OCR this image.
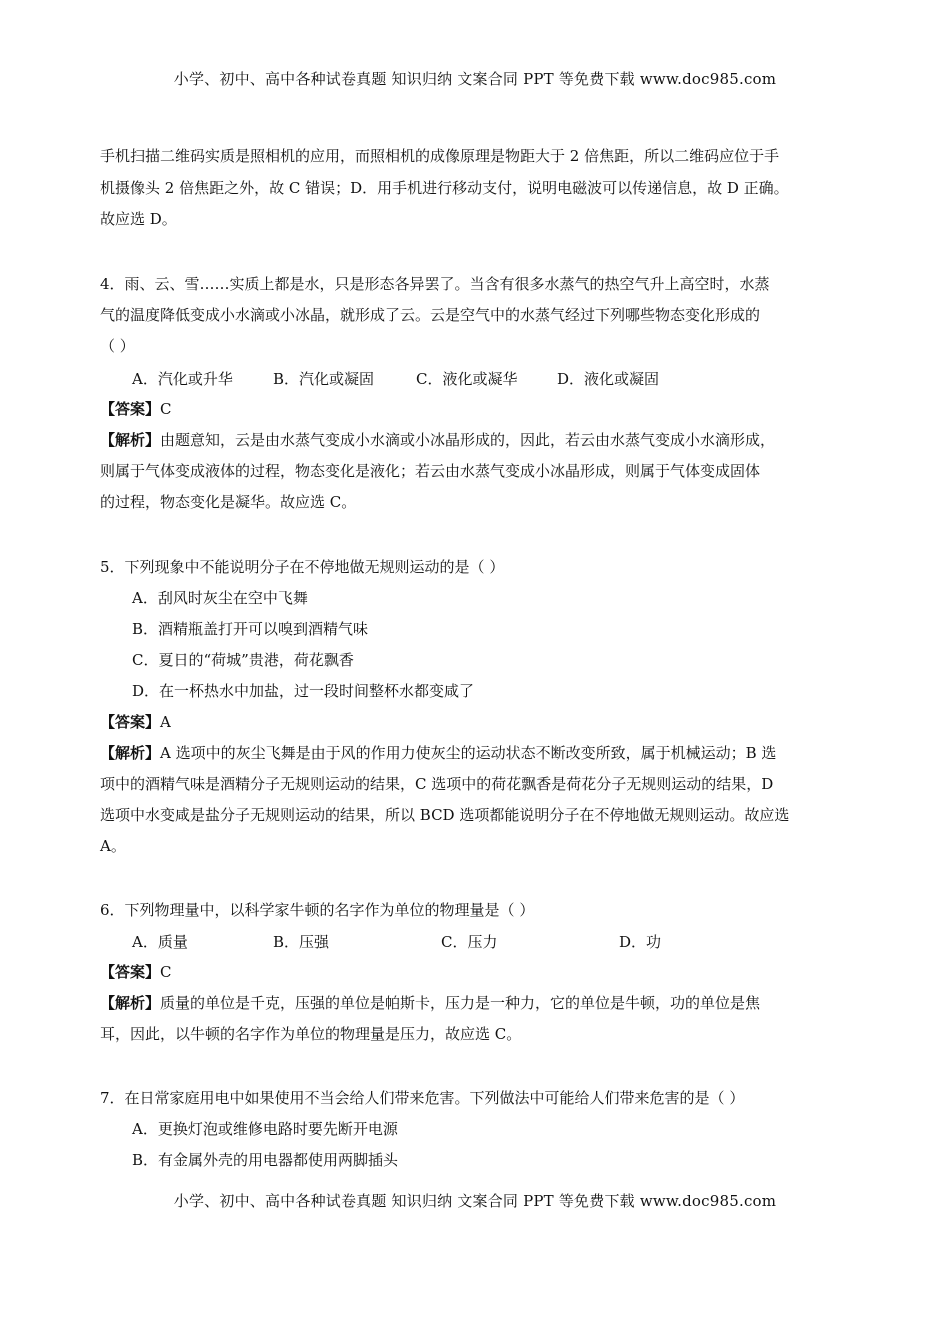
小学、初中、高中各种试卷真题 知识归纳 文案合同 PPT 等免费下载 www.doc985.com
手机扫描二维码实质是照相机的应用，而照相机的成像原理是物距大于 2 倍焦距，所以二维码应位于手
机摄像头 2 倍焦距之外，故 C 错误；D．用手机进行移动支付，说明电磁波可以传递信息，故 D 正确。
故应选 D。
4．雨、云、雪……实质上都是水，只是形态各异罢了。当含有很多水蒸气的热空气升上高空时，水蒸
气的温度降低变成小水滴或小冰晶，就形成了云。云是空气中的水蒸气经过下列哪些物态变化形成的
（ ）
A．汽化或升华	B．汽化或凝固	C．液化或凝华	D．液化或凝固
【答案】C
【解析】由题意知，云是由水蒸气变成小水滴或小冰晶形成的，因此，若云由水蒸气变成小水滴形成，
则属于气体变成液体的过程，物态变化是液化；若云由水蒸气变成小冰晶形成，则属于气体变成固体
的过程，物态变化是凝华。故应选 C。
5．下列现象中不能说明分子在不停地做无规则运动的是（ ）
A．刮风时灰尘在空中飞舞
B．酒精瓶盖打开可以嗅到酒精气味
C．夏日的“荷城”贵港，荷花飘香
D．在一杯热水中加盐，过一段时间整杯水都变咸了
【答案】A
【解析】A 选项中的灰尘飞舞是由于风的作用力使灰尘的运动状态不断改变所致，属于机械运动；B 选
项中的酒精气味是酒精分子无规则运动的结果，C 选项中的荷花飘香是荷花分子无规则运动的结果，D
选项中水变咸是盐分子无规则运动的结果，所以 BCD 选项都能说明分子在不停地做无规则运动。故应选
A。
6．下列物理量中，以科学家牛顿的名字作为单位的物理量是（ ）
A．质量	B．压强	C．压力	D．功
【答案】C
【解析】质量的单位是千克，压强的单位是帕斯卡，压力是一种力，它的单位是牛顿，功的单位是焦
耳，因此，以牛顿的名字作为单位的物理量是压力，故应选 C。
7．在日常家庭用电中如果使用不当会给人们带来危害。下列做法中可能给人们带来危害的是（ ）
A．更换灯泡或维修电路时要先断开电源
B．有金属外壳的用电器都使用两脚插头
小学、初中、高中各种试卷真题 知识归纳 文案合同 PPT 等免费下载 www.doc985.com
